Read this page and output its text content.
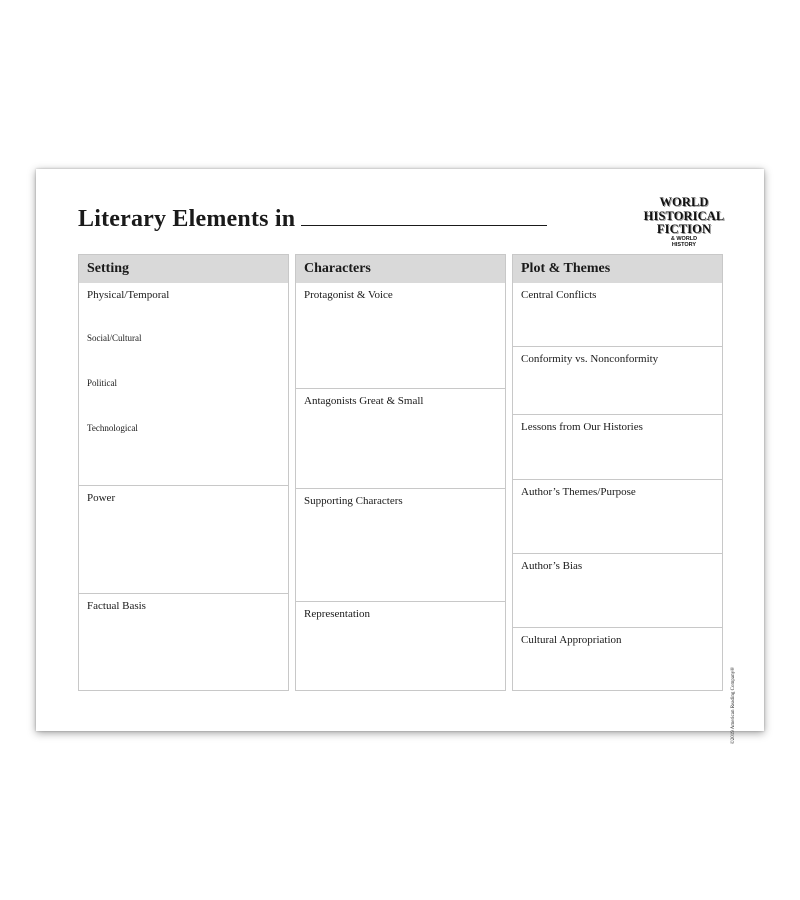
Literary Elements in
WORLD
HISTORICAL
FICTION
& WORLD
HISTORY
Setting
Physical/Temporal
Social/Cultural
Political
Technological
Power
Factual Basis
Characters
Protagonist & Voice
Antagonists Great & Small
Supporting Characters
Representation
Plot & Themes
Central Conflicts
Conformity vs. Nonconformity
Lessons from Our Histories
Author’s Themes/Purpose
Author’s Bias
Cultural Appropriation
©2019 American Reading Company®
